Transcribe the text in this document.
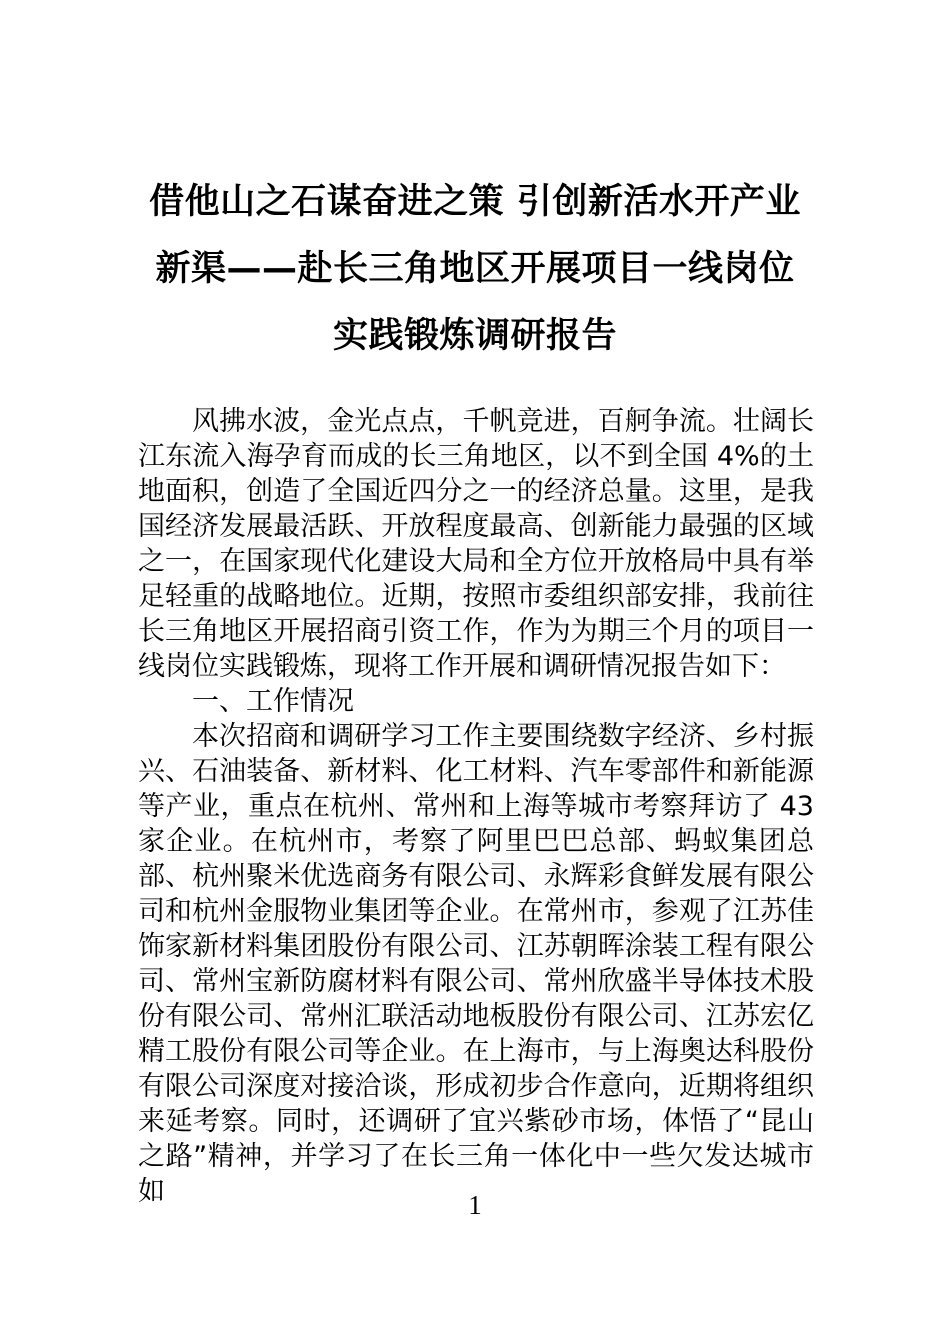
借他山之石谋奋进之策 引创新活水开产业
新渠——赴长三角地区开展项目一线岗位
实践锻炼调研报告

风拂水波，金光点点，千帆竞进，百舸争流。壮阔长江东流入海孕育而成的长三角地区，以不到全国 4%的土地面积，创造了全国近四分之一的经济总量。这里，是我国经济发展最活跃、开放程度最高、创新能力最强的区域之一，在国家现代化建设大局和全方位开放格局中具有举足轻重的战略地位。近期，按照市委组织部安排，我前往长三角地区开展招商引资工作，作为为期三个月的项目一线岗位实践锻炼，现将工作开展和调研情况报告如下：

一、工作情况

本次招商和调研学习工作主要围绕数字经济、乡村振兴、石油装备、新材料、化工材料、汽车零部件和新能源等产业，重点在杭州、常州和上海等城市考察拜访了 43 家企业。在杭州市，考察了阿里巴巴总部、蚂蚁集团总部、杭州聚米优选商务有限公司、永辉彩食鲜发展有限公司和杭州金服物业集团等企业。在常州市，参观了江苏佳饰家新材料集团股份有限公司、江苏朝晖涂装工程有限公司、常州宝新防腐材料有限公司、常州欣盛半导体技术股份有限公司、常州汇联活动地板股份有限公司、江苏宏亿精工股份有限公司等企业。在上海市，与上海奥达科股份有限公司深度对接洽谈，形成初步合作意向，近期将组织来延考察。同时，还调研了宜兴紫砂市场，体悟了“昆山之路”精神，并学习了在长三角一体化中一些欠发达城市如	1
